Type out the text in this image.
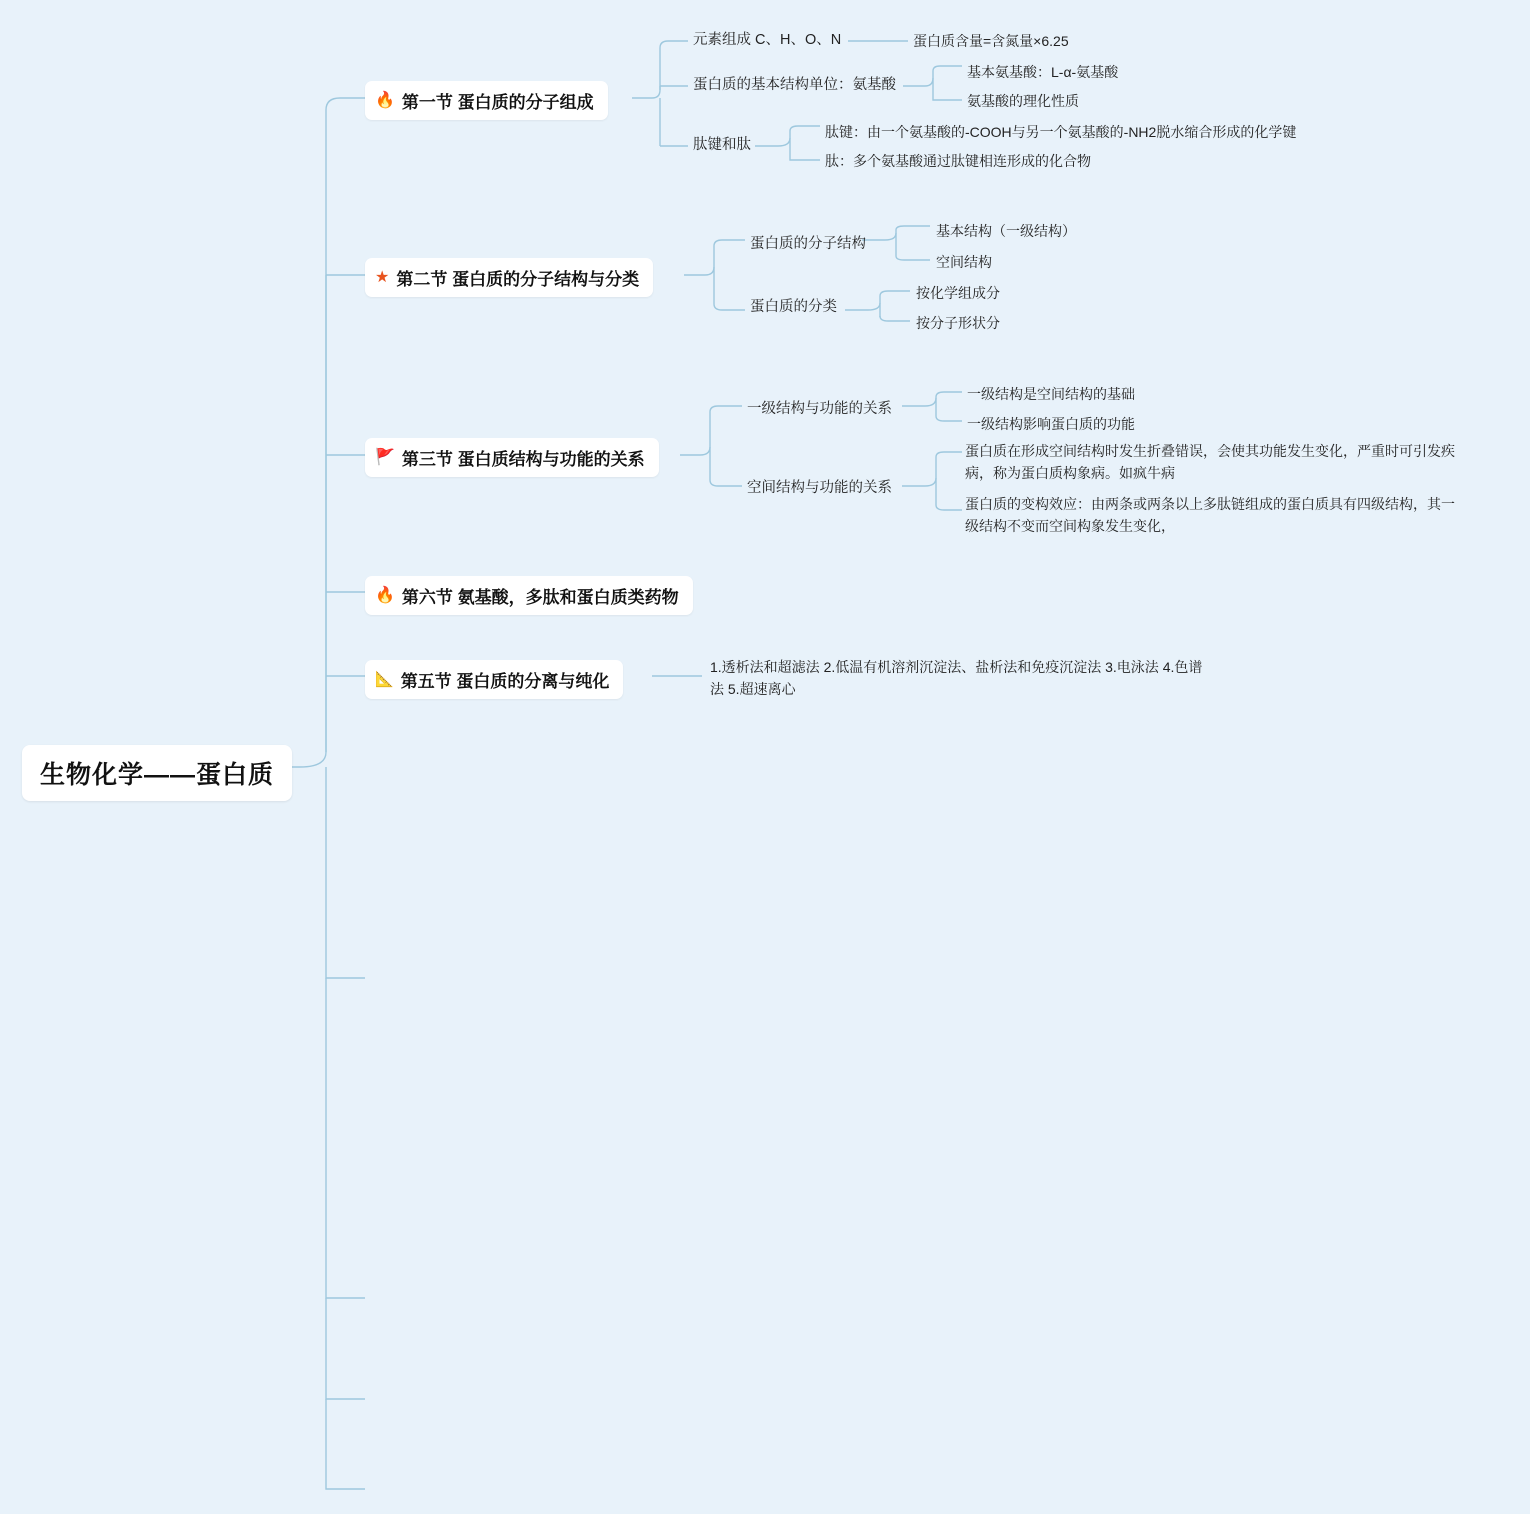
生物化学——蛋白质
🔥 第一节 蛋白质的分子组成
元素组成 C、H、O、N	蛋白质含量=含氮量×6.25
蛋白质的基本结构单位：氨基酸
基本氨基酸：L-α-氨基酸
氨基酸的理化性质
肽键和肽
肽键：由一个氨基酸的-COOH与另一个氨基酸的-NH2脱水缩合形成的化学键
肽：多个氨基酸通过肽键相连形成的化合物
★ 第二节 蛋白质的分子结构与分类
蛋白质的分子结构
基本结构（一级结构）
空间结构
蛋白质的分类
按化学组成分
按分子形状分
🚩 第三节 蛋白质结构与功能的关系
一级结构与功能的关系
一级结构是空间结构的基础
一级结构影响蛋白质的功能
空间结构与功能的关系
蛋白质在形成空间结构时发生折叠错误，会使其功能发生变化，严重时可引发疾病，称为蛋白质构象病。如疯牛病
蛋白质的变构效应：由两条或两条以上多肽链组成的蛋白质具有四级结构，其一级结构不变而空间构象发生变化，
🔥 第六节 氨基酸，多肽和蛋白质类药物
📐 第五节 蛋白质的分离与纯化
1.透析法和超滤法 2.低温有机溶剂沉淀法、盐析法和免疫沉淀法 3.电泳法 4.色谱法 5.超速离心
